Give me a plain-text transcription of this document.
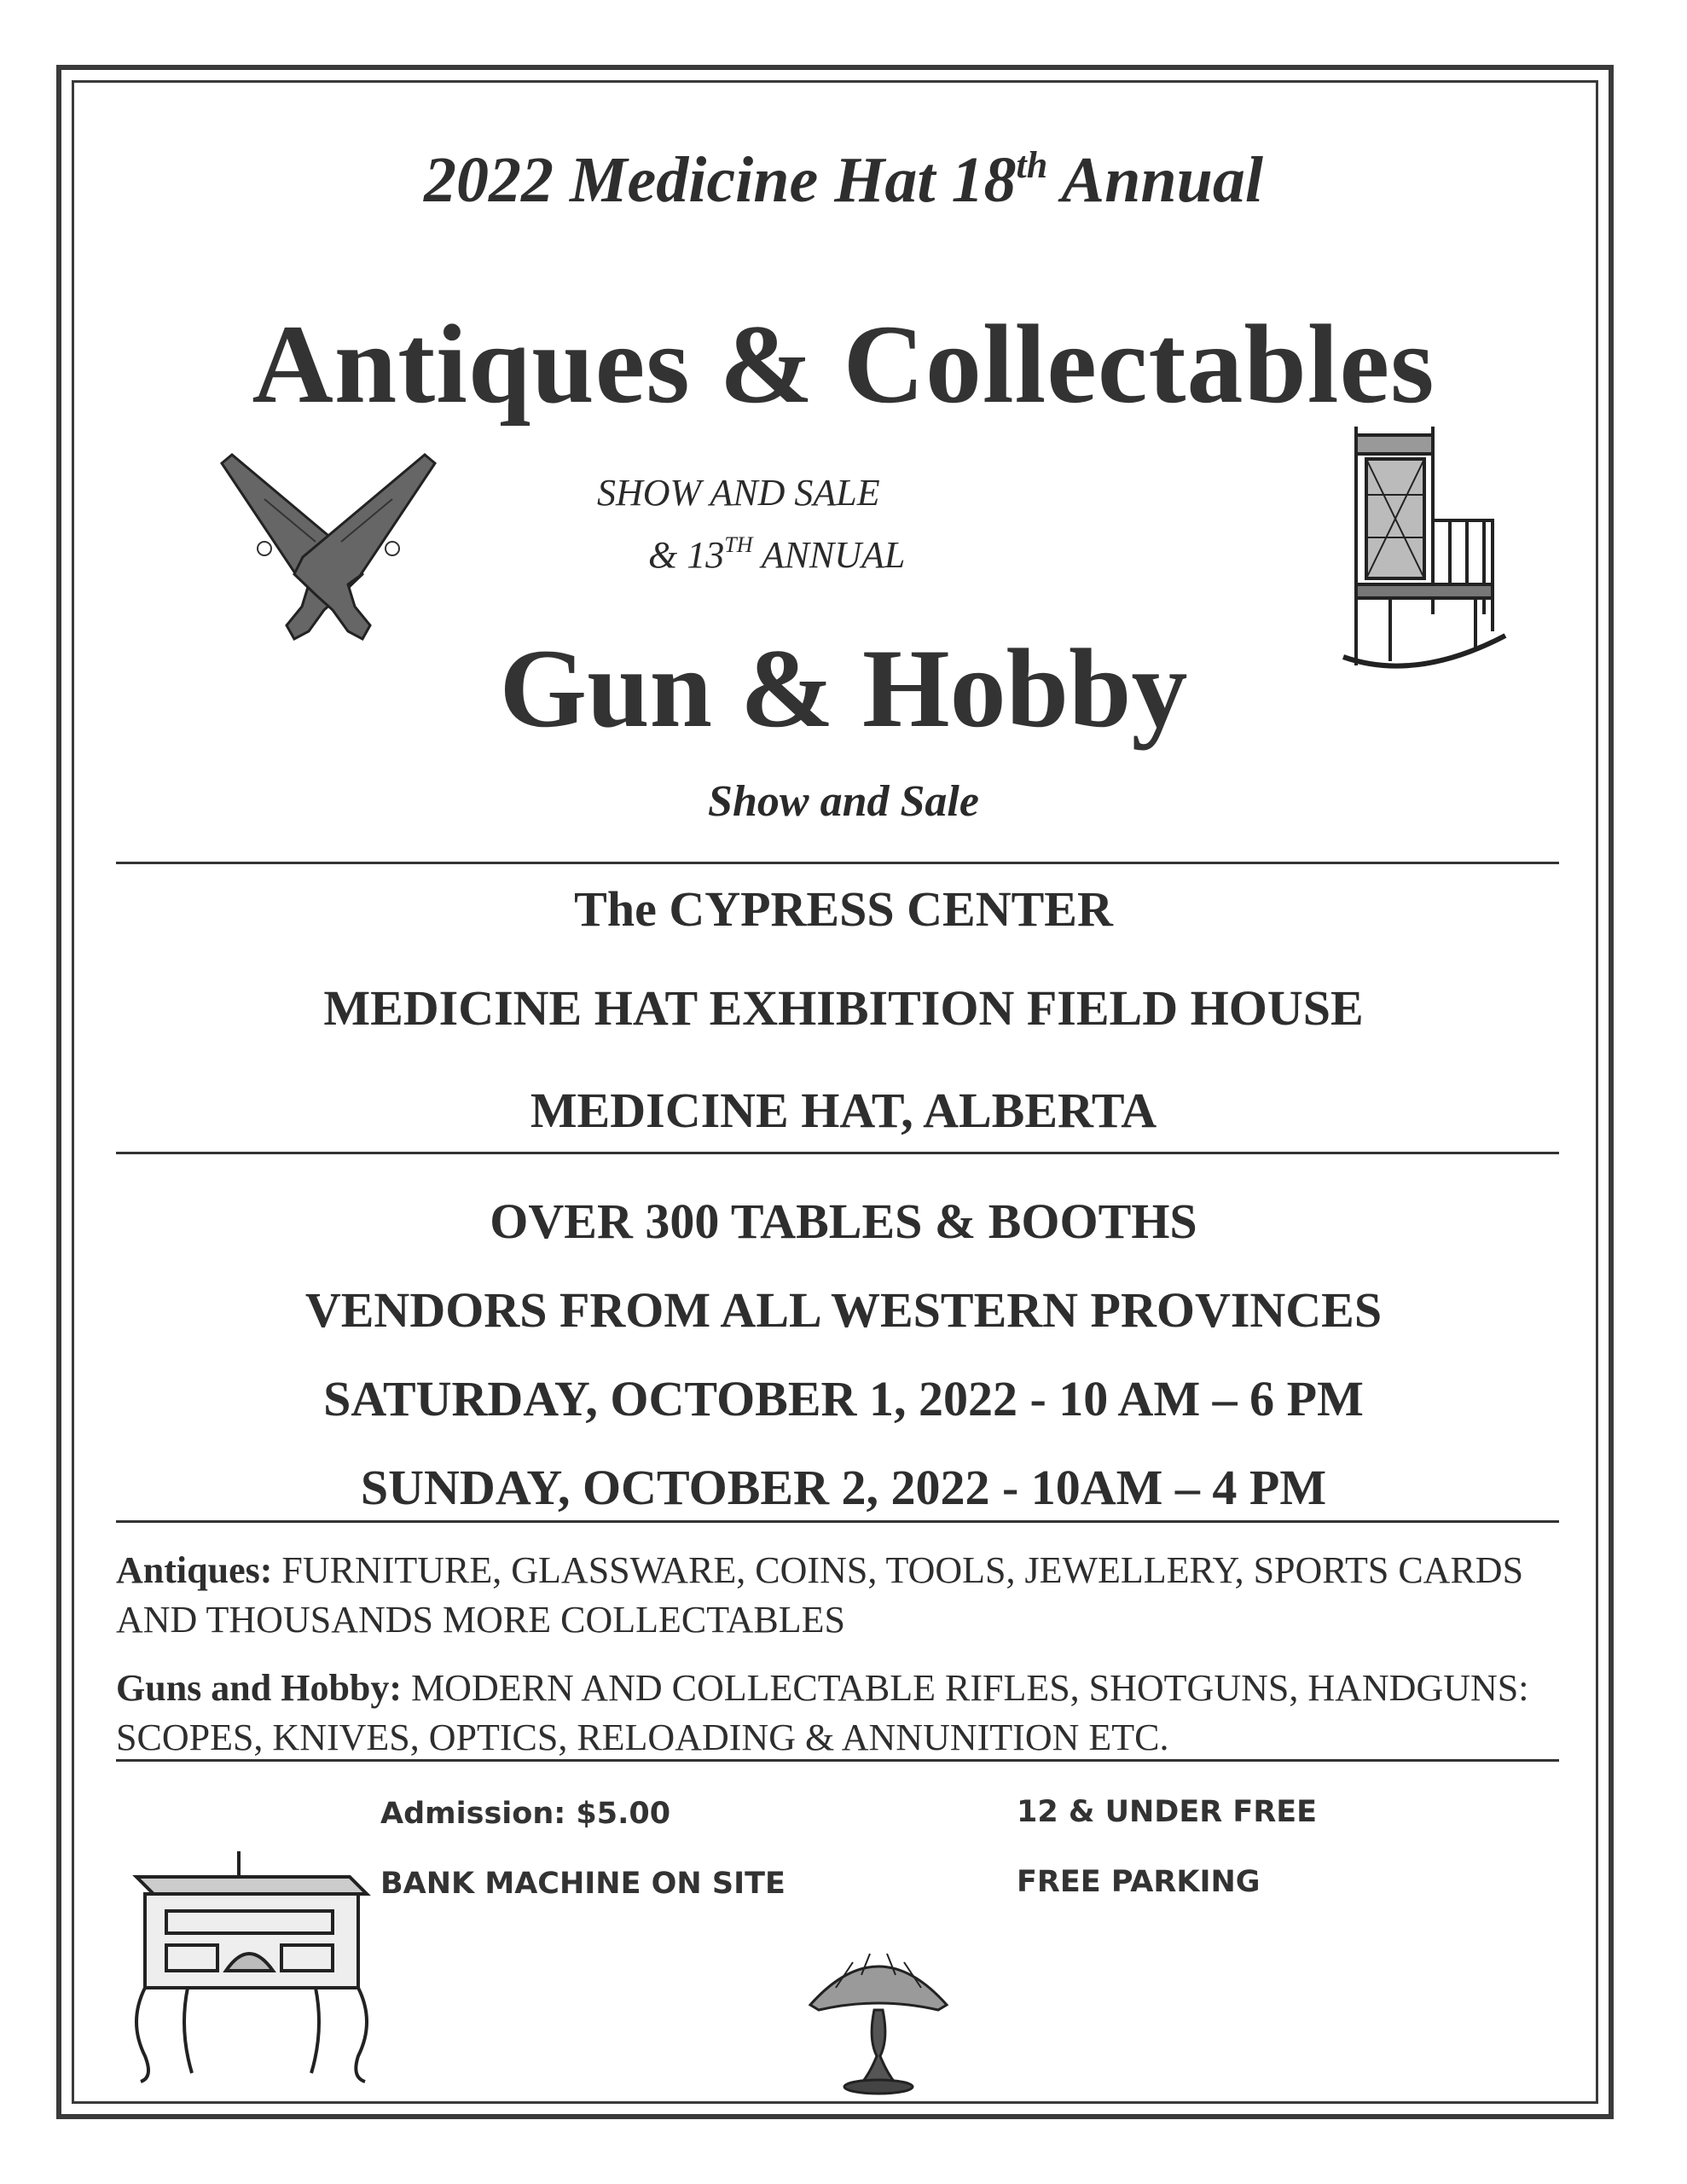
2022 Medicine Hat 18th Annual
Antiques & Collectables
SHOW AND SALE
& 13TH ANNUAL
Gun & Hobby
Show and Sale
The CYPRESS CENTER
MEDICINE HAT EXHIBITION FIELD HOUSE
MEDICINE HAT, ALBERTA
OVER 300 TABLES & BOOTHS
VENDORS FROM ALL WESTERN PROVINCES
SATURDAY, OCTOBER 1, 2022 - 10 AM – 6 PM
SUNDAY, OCTOBER 2, 2022 - 10AM – 4 PM
Antiques: FURNITURE, GLASSWARE, COINS, TOOLS, JEWELLERY, SPORTS CARDS AND THOUSANDS MORE COLLECTABLES
Guns and Hobby: MODERN AND COLLECTABLE RIFLES, SHOTGUNS, HANDGUNS: SCOPES, KNIVES, OPTICS, RELOADING & ANNUNITION ETC.
Admission: $5.00	12 & UNDER FREE
BANK MACHINE ON SITE	FREE PARKING
